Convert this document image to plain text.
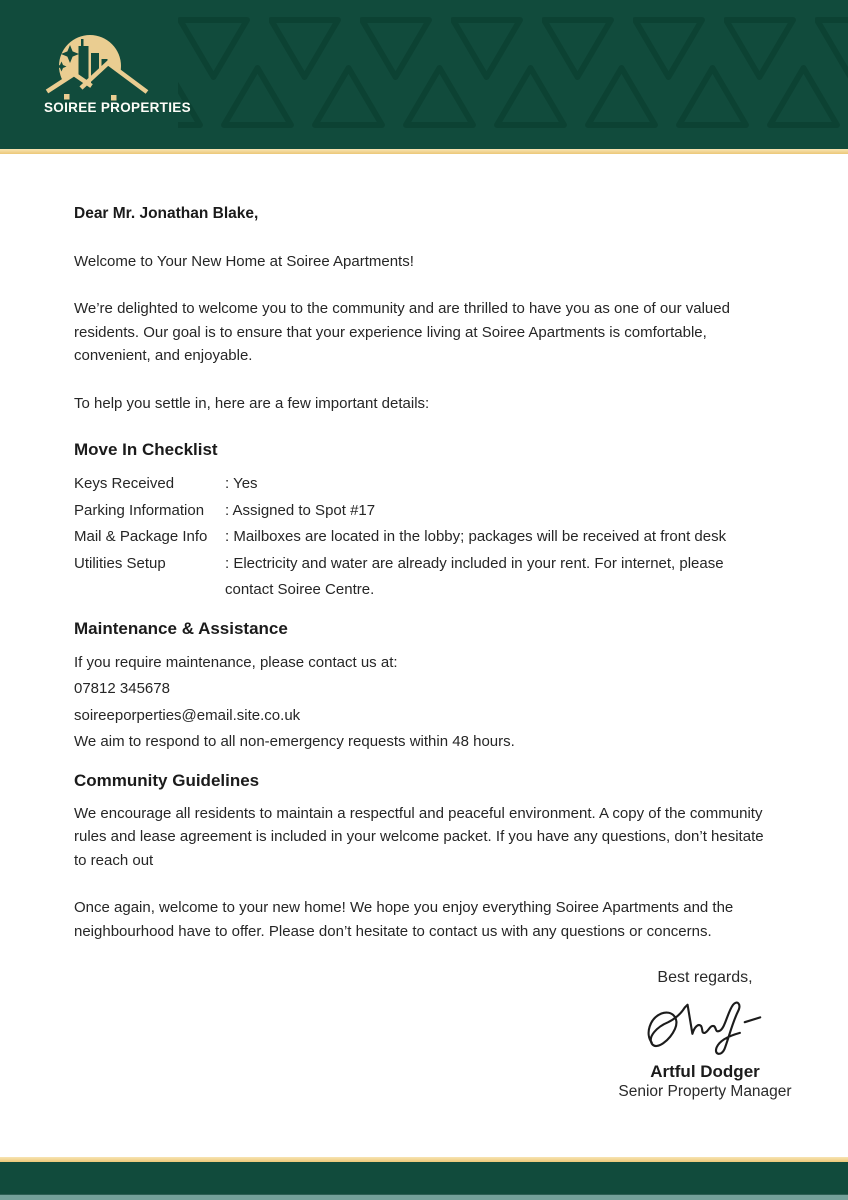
SOIREE PROPERTIES

Dear Mr. Jonathan Blake,

Welcome to Your New Home at Soiree Apartments!

We’re delighted to welcome you to the community and are thrilled to have you as one of our valued residents. Our goal is to ensure that your experience living at Soiree Apartments is comfortable, convenient, and enjoyable.

To help you settle in, here are a few important details:

Move In Checklist
Keys Received	: Yes
Parking Information	: Assigned to Spot #17
Mail & Package Info	: Mailboxes are located in the lobby; packages will be received at front desk
Utilities Setup	: Electricity and water are already included in your rent. For internet, please contact Soiree Centre.
Maintenance & Assistance
If you require maintenance, please contact us at:
07812 345678
soireeporperties@email.site.co.uk
We aim to respond to all non-emergency requests within 48 hours.
Community Guidelines

We encourage all residents to maintain a respectful and peaceful environment. A copy of the community rules and lease agreement is included in your welcome packet. If you have any questions, don’t hesitate to reach out

Once again, welcome to your new home! We hope you enjoy everything Soiree Apartments and the neighbourhood have to offer. Please don’t hesitate to contact us with any questions or concerns.

Best regards,
Artful Dodger
Senior Property Manager
